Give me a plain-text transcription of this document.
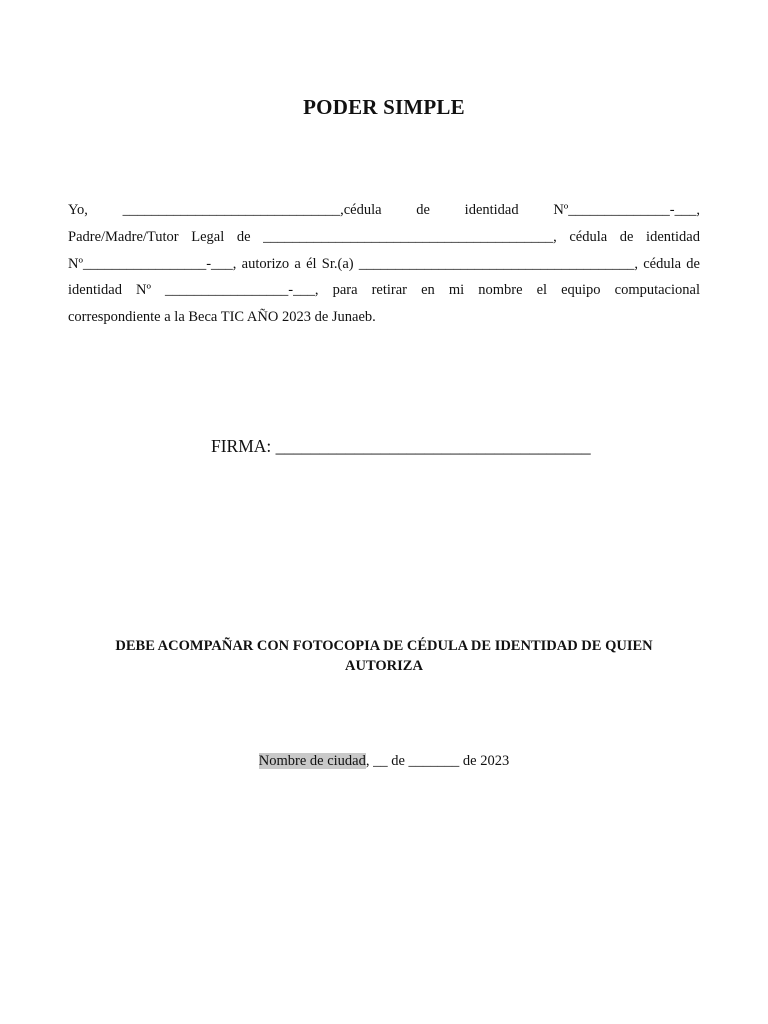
PODER SIMPLE
Yo, ______________________________,cédula de identidad Nº______________-___,
Padre/Madre/Tutor Legal de ________________________________________, cédula de identidad
Nº_________________-___, autorizo a él Sr.(a) ______________________________________, cédula de
identidad Nº _________________-___, para retirar en mi nombre el equipo computacional
correspondiente a la Beca TIC AÑO 2023 de Junaeb.
FIRMA: ____________________________________
DEBE ACOMPAÑAR CON FOTOCOPIA DE CÉDULA DE IDENTIDAD DE QUIEN
AUTORIZA
Nombre de ciudad, __ de _______ de 2023
